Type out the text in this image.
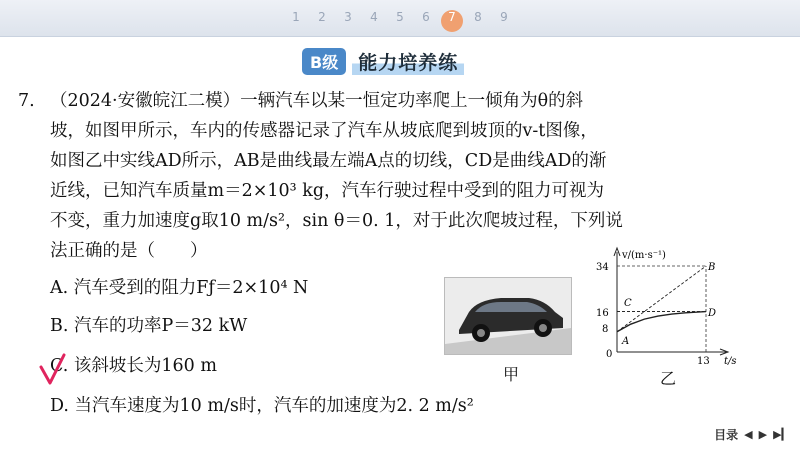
1 2 3 4 5 6 7 8 9
B级	能力培养练
7. （2024·安徽皖江二模）一辆汽车以某一恒定功率爬上一倾角为θ的斜
坡，如图甲所示，车内的传感器记录了汽车从坡底爬到坡顶的v-t图像，
如图乙中实线AD所示，AB是曲线最左端A点的切线，CD是曲线AD的渐
近线，已知汽车质量m＝2×10³ kg，汽车行驶过程中受到的阻力可视为
不变，重力加速度g取10 m/s²，sin θ＝0. 1，对于此次爬坡过程，下列说
法正确的是（　　）
A. 汽车受到的阻力Fƒ＝2×10⁴ N
B. 汽车的功率P＝32 kW
C. 该斜坡长为160 m
D. 当汽车速度为10 m/s时，汽车的加速度为2. 2 m/s²
甲	乙
v/(m·s⁻¹)
t/s
0
34
16
8
13
C
B
D
A
目录 ◀ ▶ ▶▎
